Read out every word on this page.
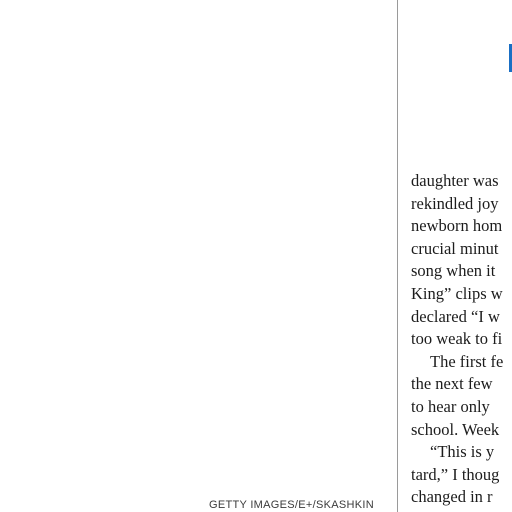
GETTY IMAGES/E+/SKASHKIN
daughter was
rekindled joy
newborn hom
crucial minut
song when it
King” clips w
declared “I w
too weak to fi
The first fe
the next few
to hear only
school. Week
“This is y
tard,” I thoug
changed in r
